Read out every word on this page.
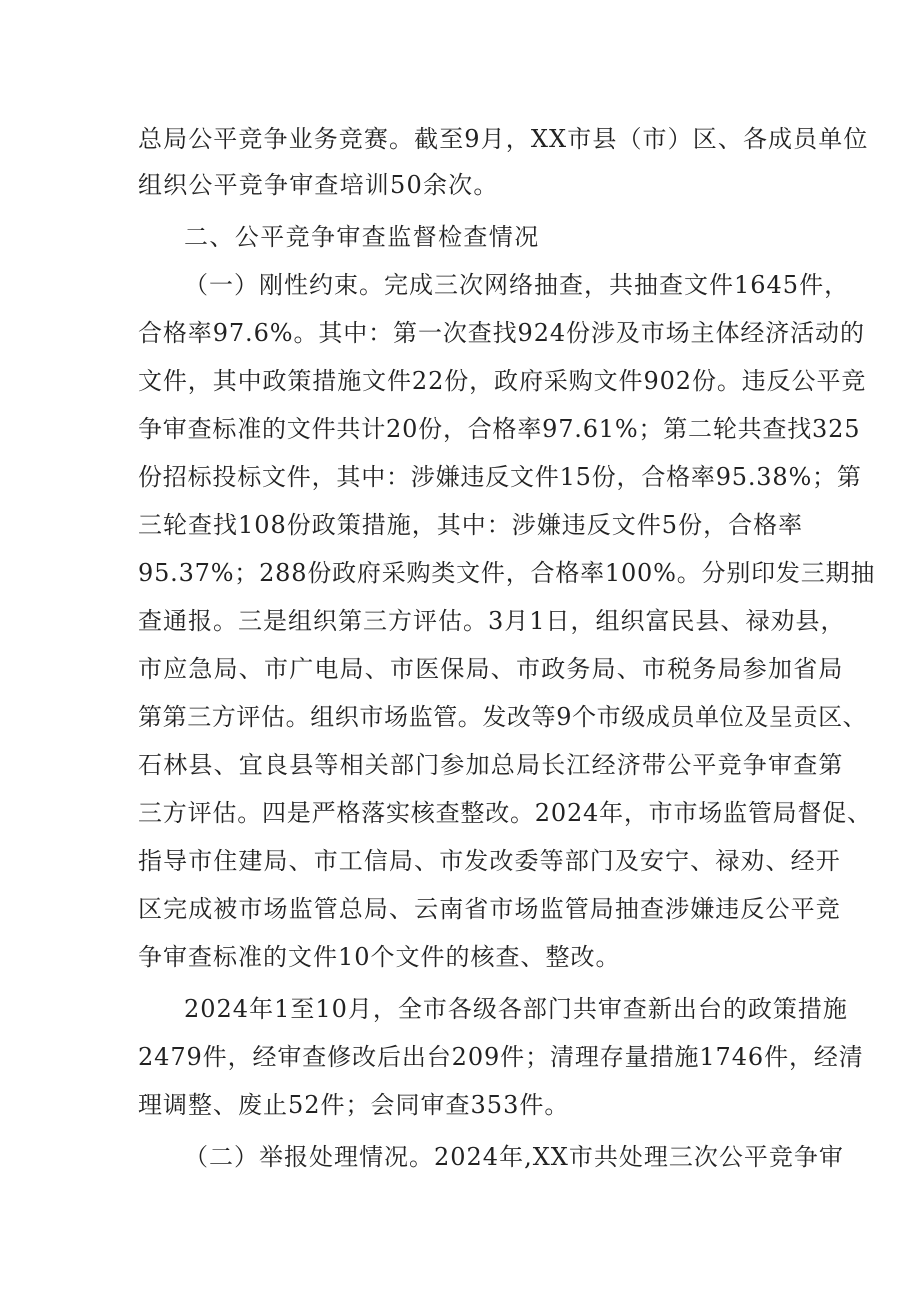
总局公平竞争业务竞赛。截至9月，XX市县（市）区、各成员单位
组织公平竞争审查培训50余次。
二、公平竞争审查监督检查情况
（一）刚性约束。完成三次网络抽查，共抽查文件1645件，
合格率97.6%。其中：第一次查找924份涉及市场主体经济活动的
文件，其中政策措施文件22份，政府采购文件902份。违反公平竞
争审查标准的文件共计20份，合格率97.61%；第二轮共查找325
份招标投标文件，其中：涉嫌违反文件15份，合格率95.38%；第
三轮查找108份政策措施，其中：涉嫌违反文件5份，合格率
95.37%；288份政府采购类文件，合格率100%。分别印发三期抽
查通报。三是组织第三方评估。3月1日，组织富民县、禄劝县，
市应急局、市广电局、市医保局、市政务局、市税务局参加省局
第第三方评估。组织市场监管。发改等9个市级成员单位及呈贡区、
石林县、宜良县等相关部门参加总局长江经济带公平竞争审查第
三方评估。四是严格落实核查整改。2024年，市市场监管局督促、
指导市住建局、市工信局、市发改委等部门及安宁、禄劝、经开
区完成被市场监管总局、云南省市场监管局抽查涉嫌违反公平竞
争审查标准的文件10个文件的核查、整改。
2024年1至10月，全市各级各部门共审查新出台的政策措施
2479件，经审查修改后出台209件；清理存量措施1746件，经清
理调整、废止52件；会同审查353件。
（二）举报处理情况。2024年,XX市共处理三次公平竞争审
